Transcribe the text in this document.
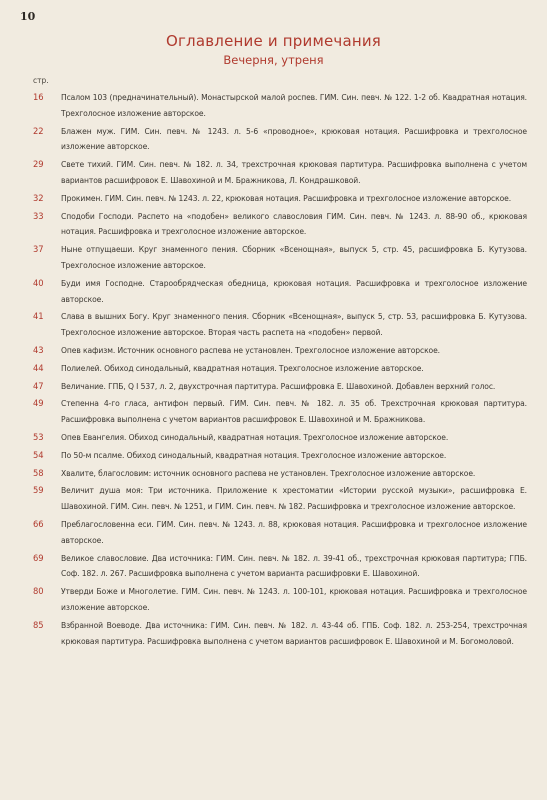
10
Оглавление и примечания
Вечерня, утреня
стр.
16	Псалом 103 (предначинательный). Монастырской малой роспев. ГИМ. Син. певч. № 122. 1-2 об. Квадратная нотация. Трехголосное изложение авторское.
22	Блажен муж. ГИМ. Син. певч. № 1243. л. 5-6 «проводное», крюковая нотация. Расшифровка и трехголосное изложение авторское.
29	Свете тихий. ГИМ. Син. певч. № 182. л. 34, трехстрочная крюковая партитура. Расшифровка выполнена с учетом вариантов расшифровок Е. Шавохиной и М. Бражниковa, Л. Кондрашковой.
32	Прокимен. ГИМ. Син. певч. № 1243. л. 22, крюковая нотация. Расшифровка и трехголосное изложение авторское.
33	Сподоби Господи. Распето на «подобен» великого славословия ГИМ. Син. певч. № 1243. л. 88-90 об., крюковая нотация. Расшифровка и трехголосное изложение авторское.
37	Ныне отпущаеши. Круг знаменного пения. Сборник «Всенощная», выпуск 5, стр. 45, расшифровка Б. Кутузова. Трехголосное изложение авторское.
40	Буди имя Господне. Старообрядческая обедница, крюковая нотация. Расшифровка и трехголосное изложение авторское.
41	Слава в вышних Богу. Круг знаменного пения. Сборник «Всенощная», выпуск 5, стр. 53, расшифровка Б. Кутузова. Трехголосное изложение авторское. Вторая часть распета на «подобен» первой.
43	Опев кафизм. Источник основного распева не установлен. Трехголосное изложение авторское.
44	Полиелей. Обиход синодальный, квадратная нотация. Трехголосное изложение авторское.
47	Величание. ГПБ, Q I 537, л. 2, двухстрочная партитура. Расшифровка Е. Шавохиной. Добавлен верхний голос.
49	Степенна 4-го гласа, антифон первый. ГИМ. Син. певч. № 182. л. 35 об. Трехстрочная крюковая партитура. Расшифровка выполнена с учетом вариантов расшифровок Е. Шавохиной и М. Бражникова.
53	Опев Евангелия. Обиход синодальный, квадратная нотация. Трехголосное изложение авторское.
54	По 50-м псалме. Обиход синодальный, квадратная нотация. Трехголосное изложение авторское.
58	Хвалите, благословим: источник основного распева не установлен. Трехголосное изложение авторское.
59	Величит душа моя: Три источника. Приложение к хрестоматии «Истории русской музыки», расшифровка Е. Шавохиной. ГИМ. Син. певч. № 1251, и ГИМ. Син. певч. № 182. Расшифровка и трехголосное изложение авторское.
66	Преблагословенна еси. ГИМ. Син. певч. № 1243. л. 88, крюковая нотация. Расшифровка и трехголосное изложение авторское.
69	Великое славословие. Два источника: ГИМ. Син. певч. № 182. л. 39-41 об., трехстрочная крюковая партитура; ГПБ. Соф. 182. л. 267. Расшифровка выполнена с учетом варианта расшифровки Е. Шавохиной.
80	Утверди Боже и Многолетие. ГИМ. Син. певч. № 1243. л. 100-101, крюковая нотация. Расшифровка и трехголосное изложение авторское.
85	Взбранной Воеводе. Два источника: ГИМ. Син. певч. № 182. л. 43-44 об. ГПБ. Соф. 182. л. 253-254, трехстрочная крюковая партитура. Расшифровка выполнена с учетом вариантов расшифровок Е. Шавохиной и М. Богомоловой.
